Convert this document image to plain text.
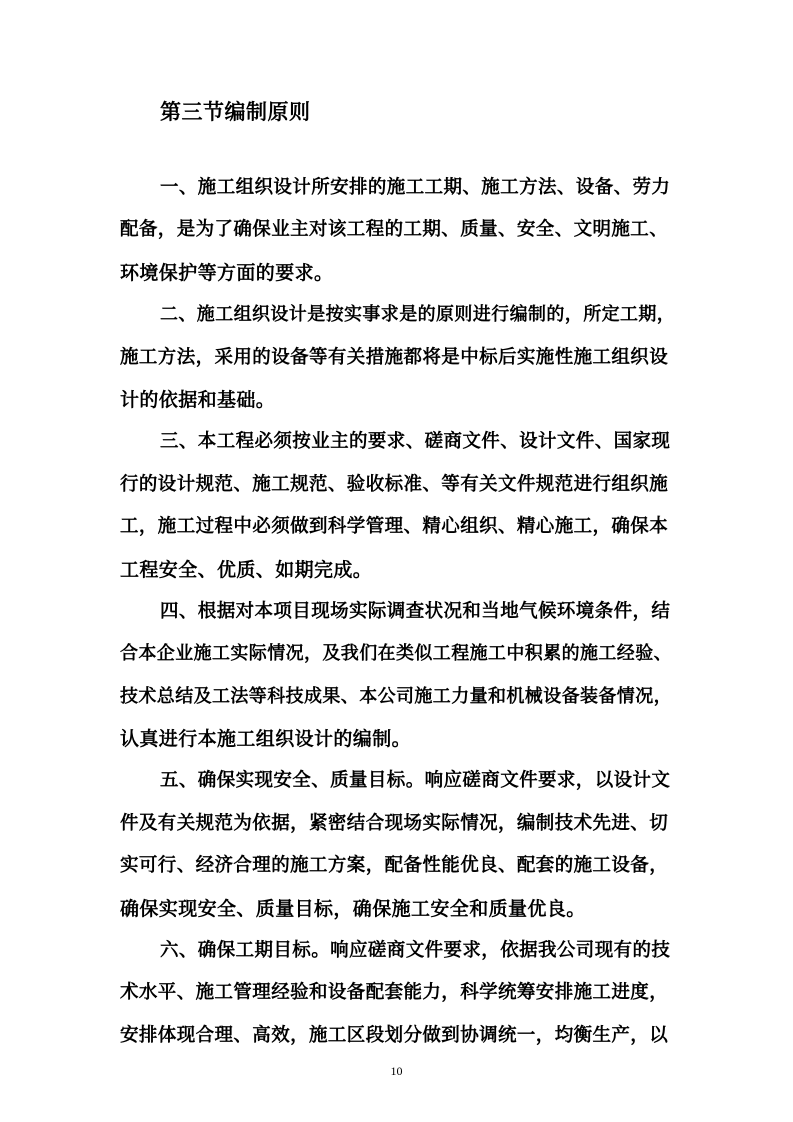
第三节编制原则
一、施工组织设计所安排的施工工期、施工方法、设备、劳力
配备，是为了确保业主对该工程的工期、质量、安全、文明施工、
环境保护等方面的要求。
二、施工组织设计是按实事求是的原则进行编制的，所定工期，
施工方法，采用的设备等有关措施都将是中标后实施性施工组织设
计的依据和基础。
三、本工程必须按业主的要求、磋商文件、设计文件、国家现
行的设计规范、施工规范、验收标准、等有关文件规范进行组织施
工，施工过程中必须做到科学管理、精心组织、精心施工，确保本
工程安全、优质、如期完成。
四、根据对本项目现场实际调查状况和当地气候环境条件，结
合本企业施工实际情况，及我们在类似工程施工中积累的施工经验、
技术总结及工法等科技成果、本公司施工力量和机械设备装备情况，
认真进行本施工组织设计的编制。
五、确保实现安全、质量目标。响应磋商文件要求，以设计文
件及有关规范为依据，紧密结合现场实际情况，编制技术先进、切
实可行、经济合理的施工方案，配备性能优良、配套的施工设备，
确保实现安全、质量目标，确保施工安全和质量优良。
六、确保工期目标。响应磋商文件要求，依据我公司现有的技
术水平、施工管理经验和设备配套能力，科学统筹安排施工进度，
安排体现合理、高效，施工区段划分做到协调统一，均衡生产，以
10
